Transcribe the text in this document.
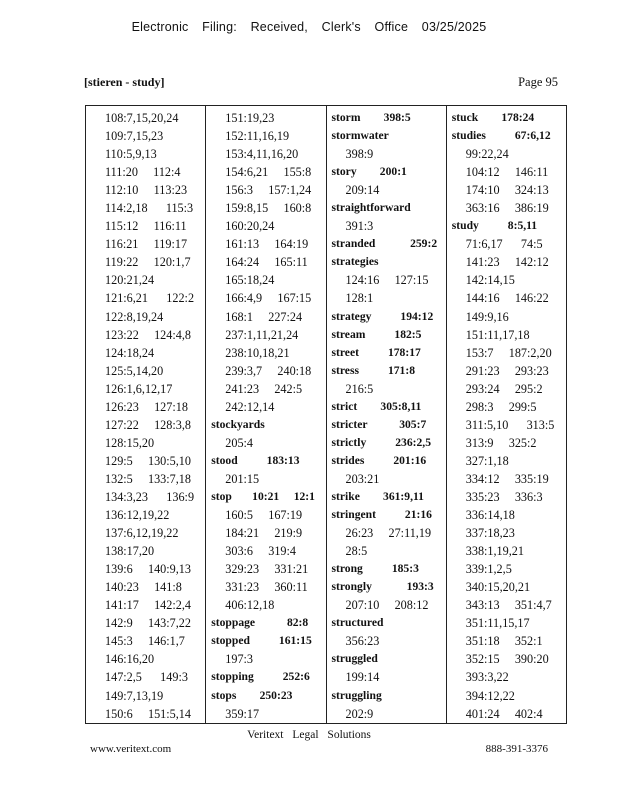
Electronic Filing: Received, Clerk's Office 03/25/2025
[stieren - study]	Page 95
108:7,15,20,24
109:7,15,23
110:5,9,13
111:20     112:4
112:10     113:23
114:2,18      115:3
115:12     116:11
116:21     119:17
119:22     120:1,7
120:21,24
121:6,21      122:2
122:8,19,24
123:22     124:4,8
124:18,24
125:5,14,20
126:1,6,12,17
126:23     127:18
127:22     128:3,8
128:15,20
129:5     130:5,10
132:5     133:7,18
134:3,23      136:9
136:12,19,22
137:6,12,19,22
138:17,20
139:6     140:9,13
140:23     141:8
141:17     142:2,4
142:9     143:7,22
145:3     146:1,7
146:16,20
147:2,5      149:3
149:7,13,19
150:6     151:5,14
151:19,23
152:11,16,19
153:4,11,16,20
154:6,21     155:8
156:3     157:1,24
159:8,15     160:8
160:20,24
161:13     164:19
164:24     165:11
165:18,24
166:4,9     167:15
168:1     227:24
237:1,11,21,24
238:10,18,21
239:3,7     240:18
241:23     242:5
242:12,14
stockyards
205:4
stood          183:13
201:15
stop       10:21     12:1
160:5     167:19
184:21     219:9
303:6     319:4
329:23     331:21
331:23     360:11
406:12,18
stoppage           82:8
stopped          161:15
197:3
stopping          252:6
stops        250:23
359:17
storm        398:5
stormwater
398:9
story        200:1
209:14
straightforward
391:3
stranded            259:2
strategies
124:16     127:15
128:1
strategy          194:12
stream          182:5
street          178:17
stress          171:8
216:5
strict        305:8,11
stricter           305:7
strictly          236:2,5
strides          201:16
203:21
strike        361:9,11
stringent          21:16
26:23     27:11,19
28:5
strong          185:3
strongly            193:3
207:10     208:12
structured
356:23
struggled
199:14
struggling
202:9
stuck        178:24
studies          67:6,12
99:22,24
104:12     146:11
174:10     324:13
363:16     386:19
study          8:5,11
71:6,17      74:5
141:23     142:12
142:14,15
144:16     146:22
149:9,16
151:11,17,18
153:7     187:2,20
291:23     293:23
293:24     295:2
298:3     299:5
311:5,10      313:5
313:9     325:2
327:1,18
334:12     335:19
335:23     336:3
336:14,18
337:18,23
338:1,19,21
339:1,2,5
340:15,20,21
343:13     351:4,7
351:11,15,17
351:18     352:1
352:15     390:20
393:3,22
394:12,22
401:24     402:4
Veritext Legal Solutions
www.veritext.com	888-391-3376
